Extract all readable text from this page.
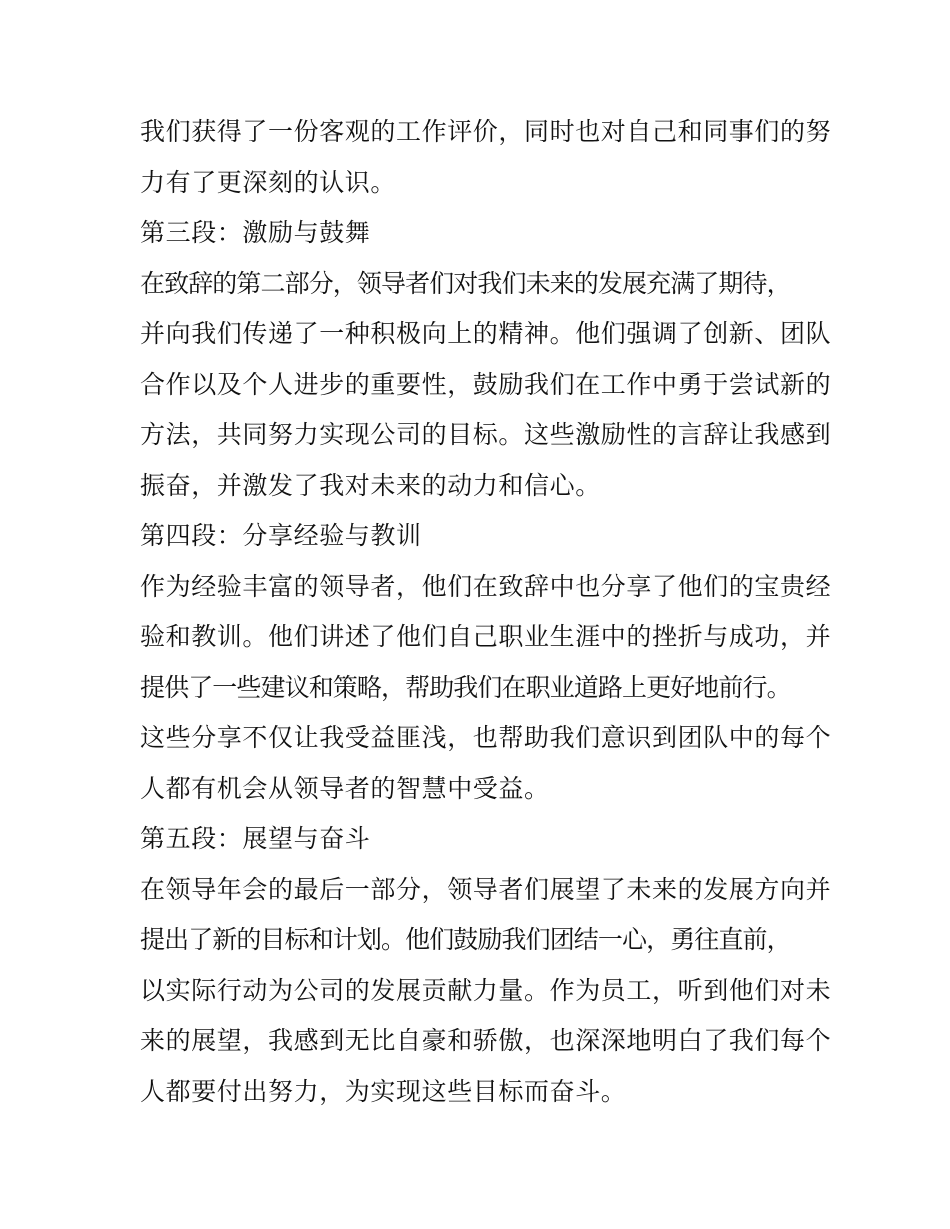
我们获得了一份客观的工作评价，同时也对自己和同事们的努
力有了更深刻的认识。
第三段：激励与鼓舞
在致辞的第二部分，领导者们对我们未来的发展充满了期待，
并向我们传递了一种积极向上的精神。他们强调了创新、团队
合作以及个人进步的重要性，鼓励我们在工作中勇于尝试新的
方法，共同努力实现公司的目标。这些激励性的言辞让我感到
振奋，并激发了我对未来的动力和信心。
第四段：分享经验与教训
作为经验丰富的领导者，他们在致辞中也分享了他们的宝贵经
验和教训。他们讲述了他们自己职业生涯中的挫折与成功，并
提供了一些建议和策略，帮助我们在职业道路上更好地前行。
这些分享不仅让我受益匪浅，也帮助我们意识到团队中的每个
人都有机会从领导者的智慧中受益。
第五段：展望与奋斗
在领导年会的最后一部分，领导者们展望了未来的发展方向并
提出了新的目标和计划。他们鼓励我们团结一心，勇往直前，
以实际行动为公司的发展贡献力量。作为员工，听到他们对未
来的展望，我感到无比自豪和骄傲，也深深地明白了我们每个
人都要付出努力，为实现这些目标而奋斗。
